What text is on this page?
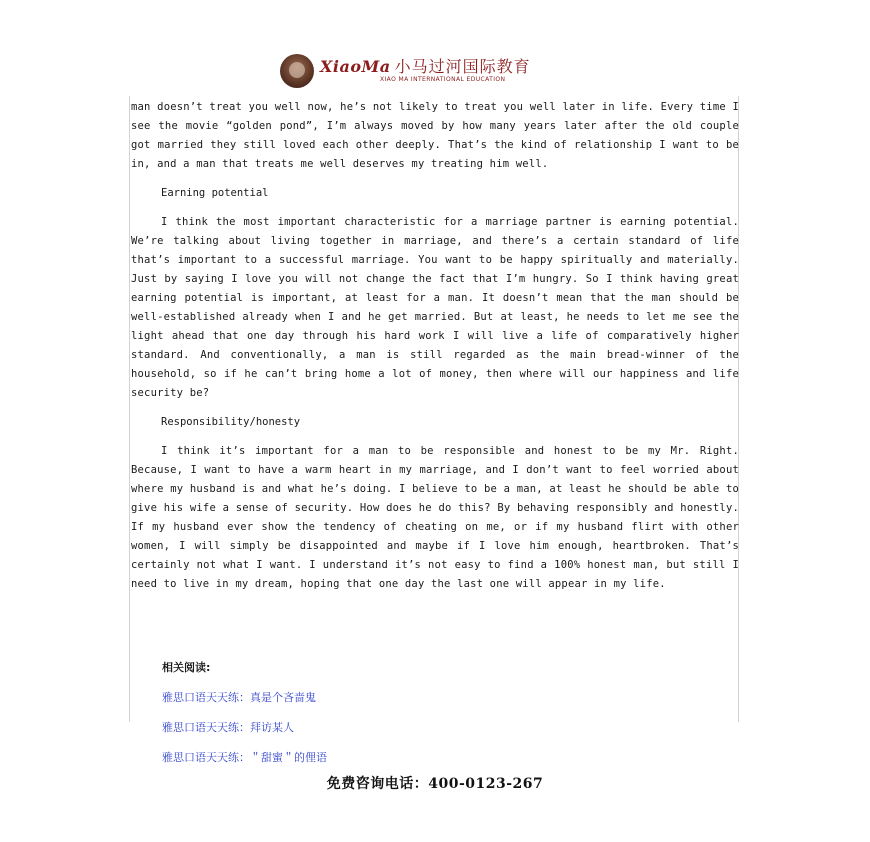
XiaoMa 小马过河国际教育
XIAO MA INTERNATIONAL EDUCATION

man doesn’t treat you well now, he’s not likely to treat you well later in life. Every time I see the movie “golden pond”, I’m always moved by how many years later after the old couple got married they still loved each other deeply. That’s the kind of relationship I want to be in, and a man that treats me well deserves my treating him well.

Earning potential

I think the most important characteristic for a marriage partner is earning potential. We’re talking about living together in marriage, and there’s a certain standard of life that’s important to a successful marriage. You want to be happy spiritually and materially. Just by saying I love you will not change the fact that I’m hungry. So I think having great earning potential is important, at least for a man. It doesn’t mean that the man should be well-established already when I and he get married. But at least, he needs to let me see the light ahead that one day through his hard work I will live a life of comparatively higher standard. And conventionally, a man is still regarded as the main bread-winner of the household, so if he can’t bring home a lot of money, then where will our happiness and life security be?

Responsibility/honesty

I think it’s important for a man to be responsible and honest to be my Mr. Right. Because, I want to have a warm heart in my marriage, and I don’t want to feel worried about where my husband is and what he’s doing. I believe to be a man, at least he should be able to give his wife a sense of security. How does he do this? By behaving responsibly and honestly. If my husband ever show the tendency of cheating on me, or if my husband flirt with other women, I will simply be disappointed and maybe if I love him enough, heartbroken. That’s certainly not what I want. I understand it’s not easy to find a 100% honest man, but still I need to live in my dream, hoping that one day the last one will appear in my life.

相关阅读:

雅思口语天天练：真是个吝啬鬼
雅思口语天天练：拜访某人
雅思口语天天练：＂甜蜜＂的俚语
免费咨询电话：400-0123-267
